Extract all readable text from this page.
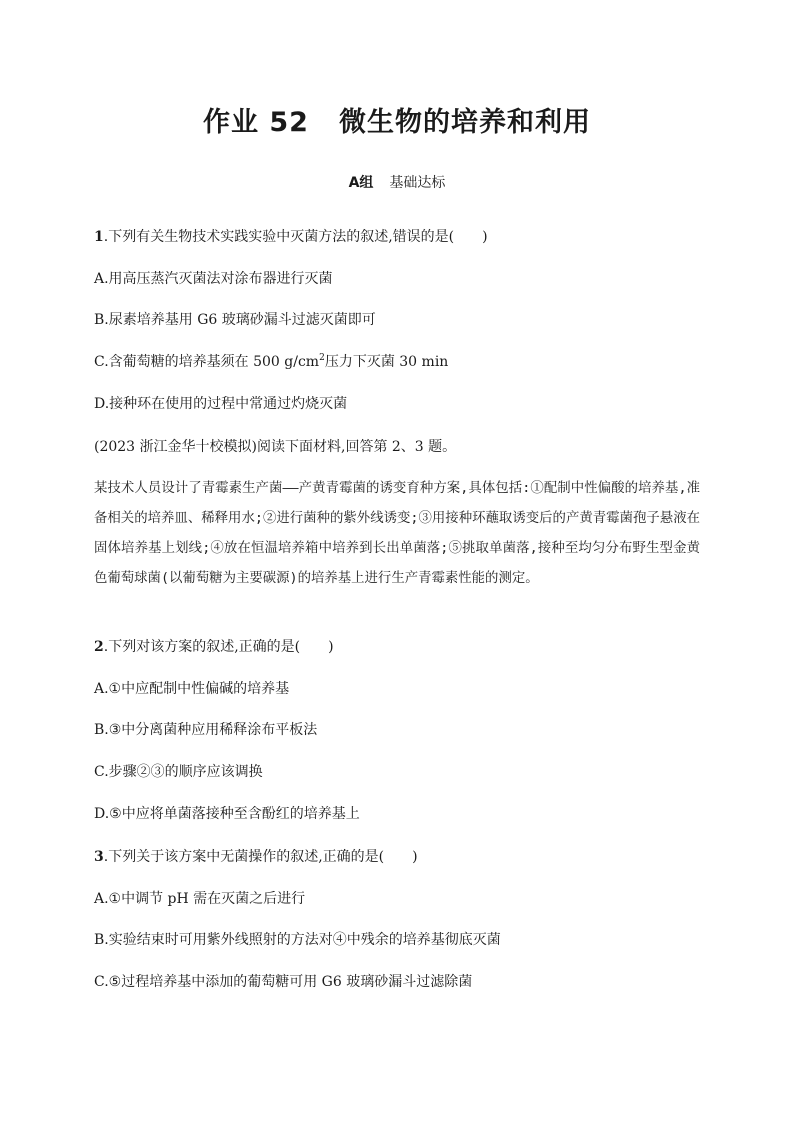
作业 52 微生物的培养和利用
A组 基础达标
1.下列有关生物技术实践实验中灭菌方法的叙述,错误的是(　　)
A.用高压蒸汽灭菌法对涂布器进行灭菌
B.尿素培养基用 G6 玻璃砂漏斗过滤灭菌即可
C.含葡萄糖的培养基须在 500 $g/cm^2$压力下灭菌 30 min
D.接种环在使用的过程中常通过灼烧灭菌
(2023 浙江金华十校模拟)阅读下面材料,回答第 2、3 题。

某技术人员设计了青霉素生产菌——产黄青霉菌的诱变育种方案,具体包括:①配制中性偏酸的培养基,准备相关的培养皿、稀释用水;②进行菌种的紫外线诱变;③用接种环蘸取诱变后的产黄青霉菌孢子悬液在固体培养基上划线;④放在恒温培养箱中培养到长出单菌落;⑤挑取单菌落,接种至均匀分布野生型金黄色葡萄球菌(以葡萄糖为主要碳源)的培养基上进行生产青霉素性能的测定。

2.下列对该方案的叙述,正确的是(　　)
A.①中应配制中性偏碱的培养基
B.③中分离菌种应用稀释涂布平板法
C.步骤②③的顺序应该调换
D.⑤中应将单菌落接种至含酚红的培养基上
3.下列关于该方案中无菌操作的叙述,正确的是(　　)
A.①中调节 pH 需在灭菌之后进行
B.实验结束时可用紫外线照射的方法对④中残余的培养基彻底灭菌
C.⑤过程培养基中添加的葡萄糖可用 G6 玻璃砂漏斗过滤除菌
